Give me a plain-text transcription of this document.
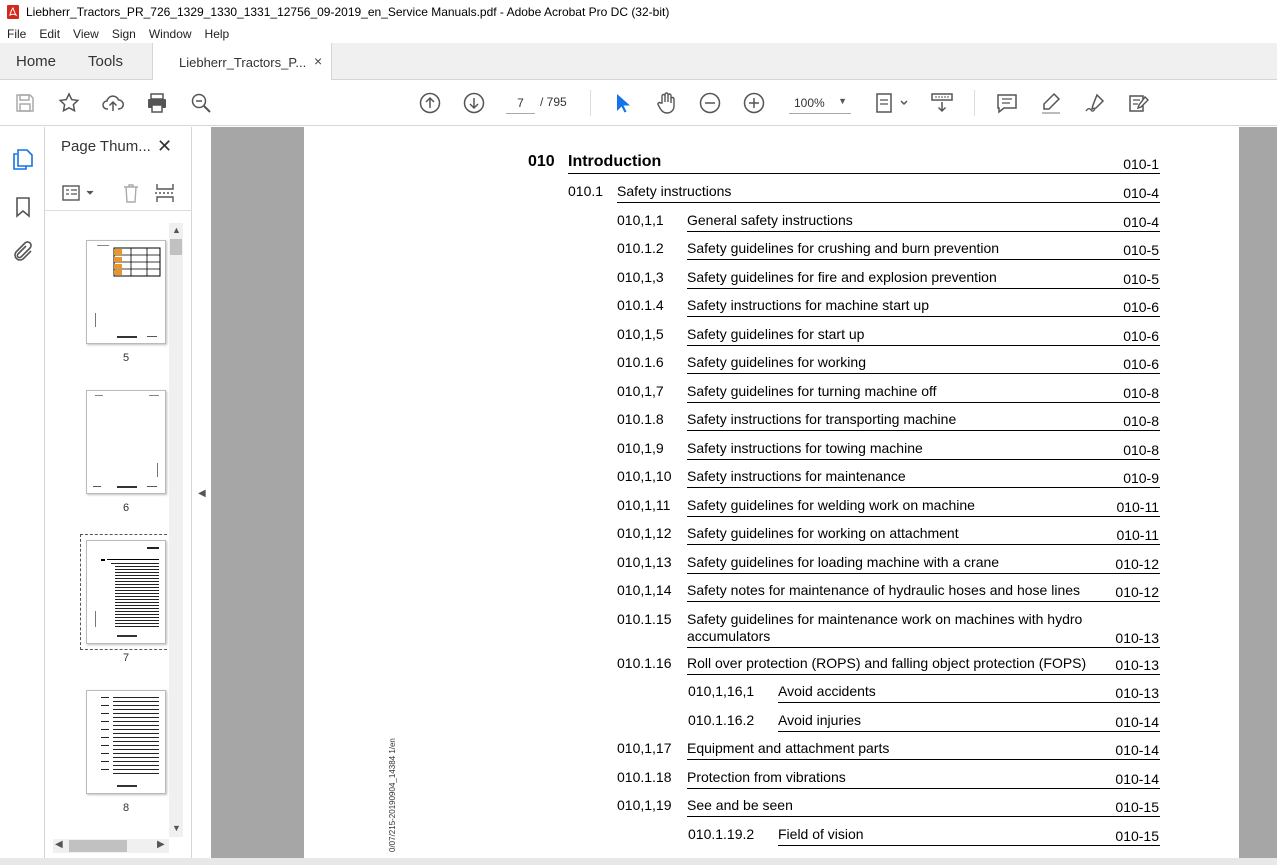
Liebherr_Tractors_PR_726_1329_1330_1331_12756_09-2019_en_Service Manuals.pdf - Adobe Acrobat Pro DC (32-bit)
File	Edit	View	Sign	Window	Help
Home Tools	Liebherr_Tractors_P... ×
7
/ 795	100% ▼
Page Thum... ✕
5
6
7
8
▲
▼
◀	▶
◀
0/07/215-20190904_14384 1/en
010 Introduction	010-1
010.1 Safety instructions	010-4
010,1,1 General safety instructions	010-4
010.1.2 Safety guidelines for crushing and burn prevention	010-5
010,1,3 Safety guidelines for fire and explosion prevention	010-5
010.1.4 Safety instructions for machine start up	010-6
010,1,5 Safety guidelines for start up	010-6
010.1.6 Safety guidelines for working	010-6
010,1,7 Safety guidelines for turning machine off	010-8
010.1.8 Safety instructions for transporting machine	010-8
010,1,9 Safety instructions for towing machine	010-8
010,1,10 Safety instructions for maintenance	010-9
010,1,11 Safety guidelines for welding work on machine	010-11
010,1,12 Safety guidelines for working on attachment	010-11
010,1,13 Safety guidelines for loading machine with a crane	010-12
010,1,14 Safety notes for maintenance of hydraulic hoses and hose lines	010-12
010.1.15 Safety guidelines for maintenance work on machines with hydro
accumulators	010-13
010.1.16 Roll over protection (ROPS) and falling object protection (FOPS)	010-13
010,1,16,1 Avoid accidents	010-13
010.1.16.2 Avoid injuries	010-14
010,1,17 Equipment and attachment parts	010-14
010.1.18 Protection from vibrations	010-14
010,1,19 See and be seen	010-15
010.1.19.2 Field of vision	010-15
